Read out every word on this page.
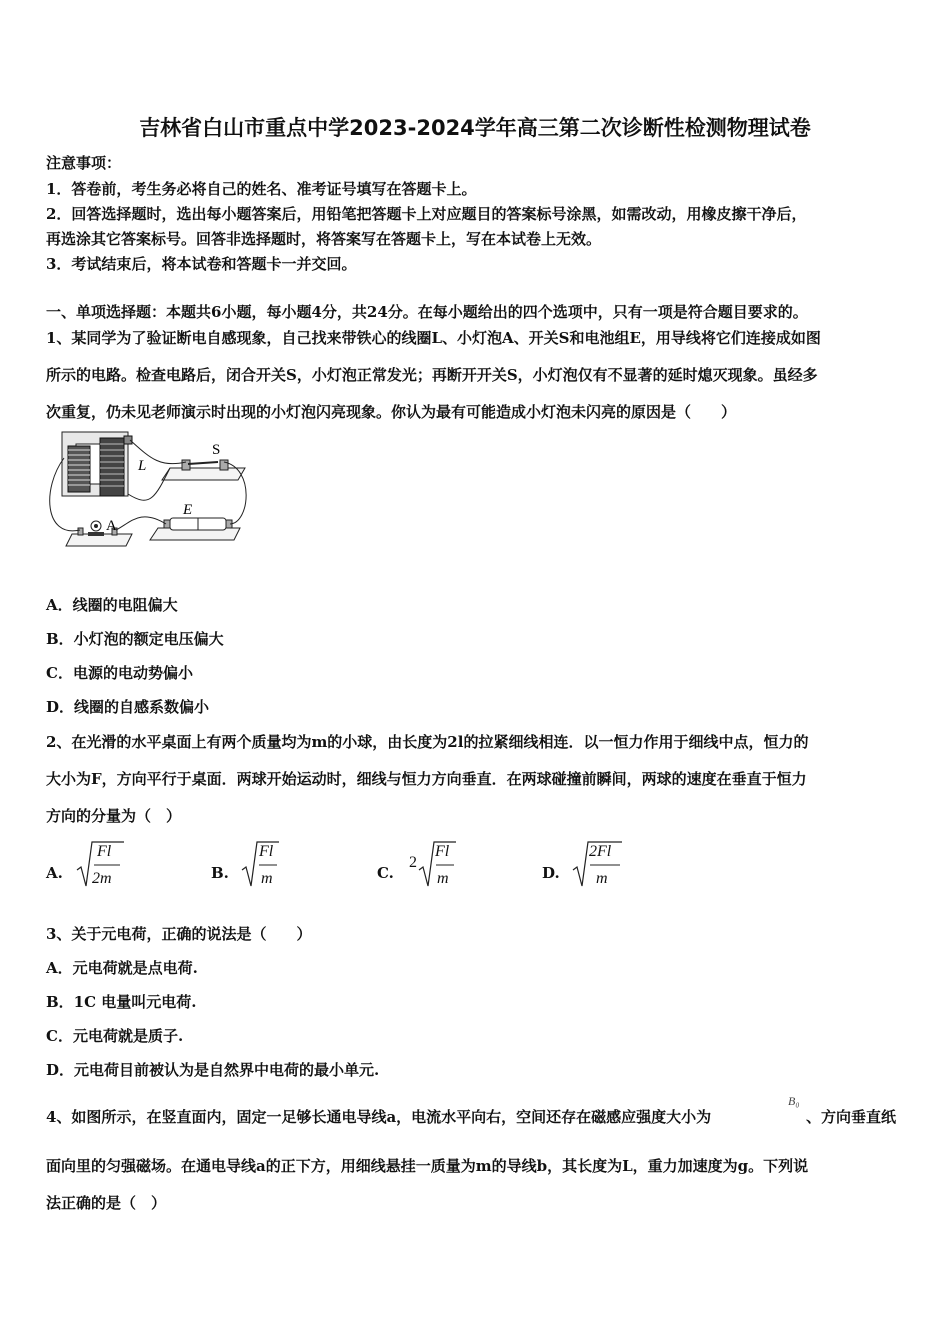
吉林省白山市重点中学2023-2024学年高三第二次诊断性检测物理试卷
注意事项：
1．答卷前，考生务必将自己的姓名、准考证号填写在答题卡上。
2．回答选择题时，选出每小题答案后，用铅笔把答题卡上对应题目的答案标号涂黑，如需改动，用橡皮擦干净后，
再选涂其它答案标号。回答非选择题时，将答案写在答题卡上，写在本试卷上无效。
3．考试结束后，将本试卷和答题卡一并交回。
一、单项选择题：本题共6小题，每小题4分，共24分。在每小题给出的四个选项中，只有一项是符合题目要求的。
1、某同学为了验证断电自感现象，自己找来带铁心的线圈L、小灯泡A、开关S和电池组E，用导线将它们连接成如图
所示的电路。检查电路后，闭合开关S，小灯泡正常发光；再断开开关S，小灯泡仅有不显著的延时熄灭现象。虽经多
次重复，仍未见老师演示时出现的小灯泡闪亮现象。你认为最有可能造成小灯泡未闪亮的原因是（　　）
L
S
E
A
A．线圈的电阻偏大
B．小灯泡的额定电压偏大
C．电源的电动势偏小
D．线圈的自感系数偏小
2、在光滑的水平桌面上有两个质量均为m的小球，由长度为2l的拉紧细线相连．以一恒力作用于细线中点，恒力的
大小为F，方向平行于桌面．两球开始运动时，细线与恒力方向垂直．在两球碰撞前瞬间，两球的速度在垂直于恒力
方向的分量为（　）
A.
Fl
2m	B.
Fl
m	C.
2
Fl
m	D.
2Fl
m
3、关于元电荷，正确的说法是（　　）
A．元电荷就是点电荷.
B．1C 电量叫元电荷.
C．元电荷就是质子.
D．元电荷目前被认为是自然界中电荷的最小单元.
4、如图所示，在竖直面内，固定一足够长通电导线a，电流水平向右，空间还存在磁感应强度大小为
B₀
、方向垂直纸
面向里的匀强磁场。在通电导线a的正下方，用细线悬挂一质量为m的导线b，其长度为L，重力加速度为g。下列说
法正确的是（　）
